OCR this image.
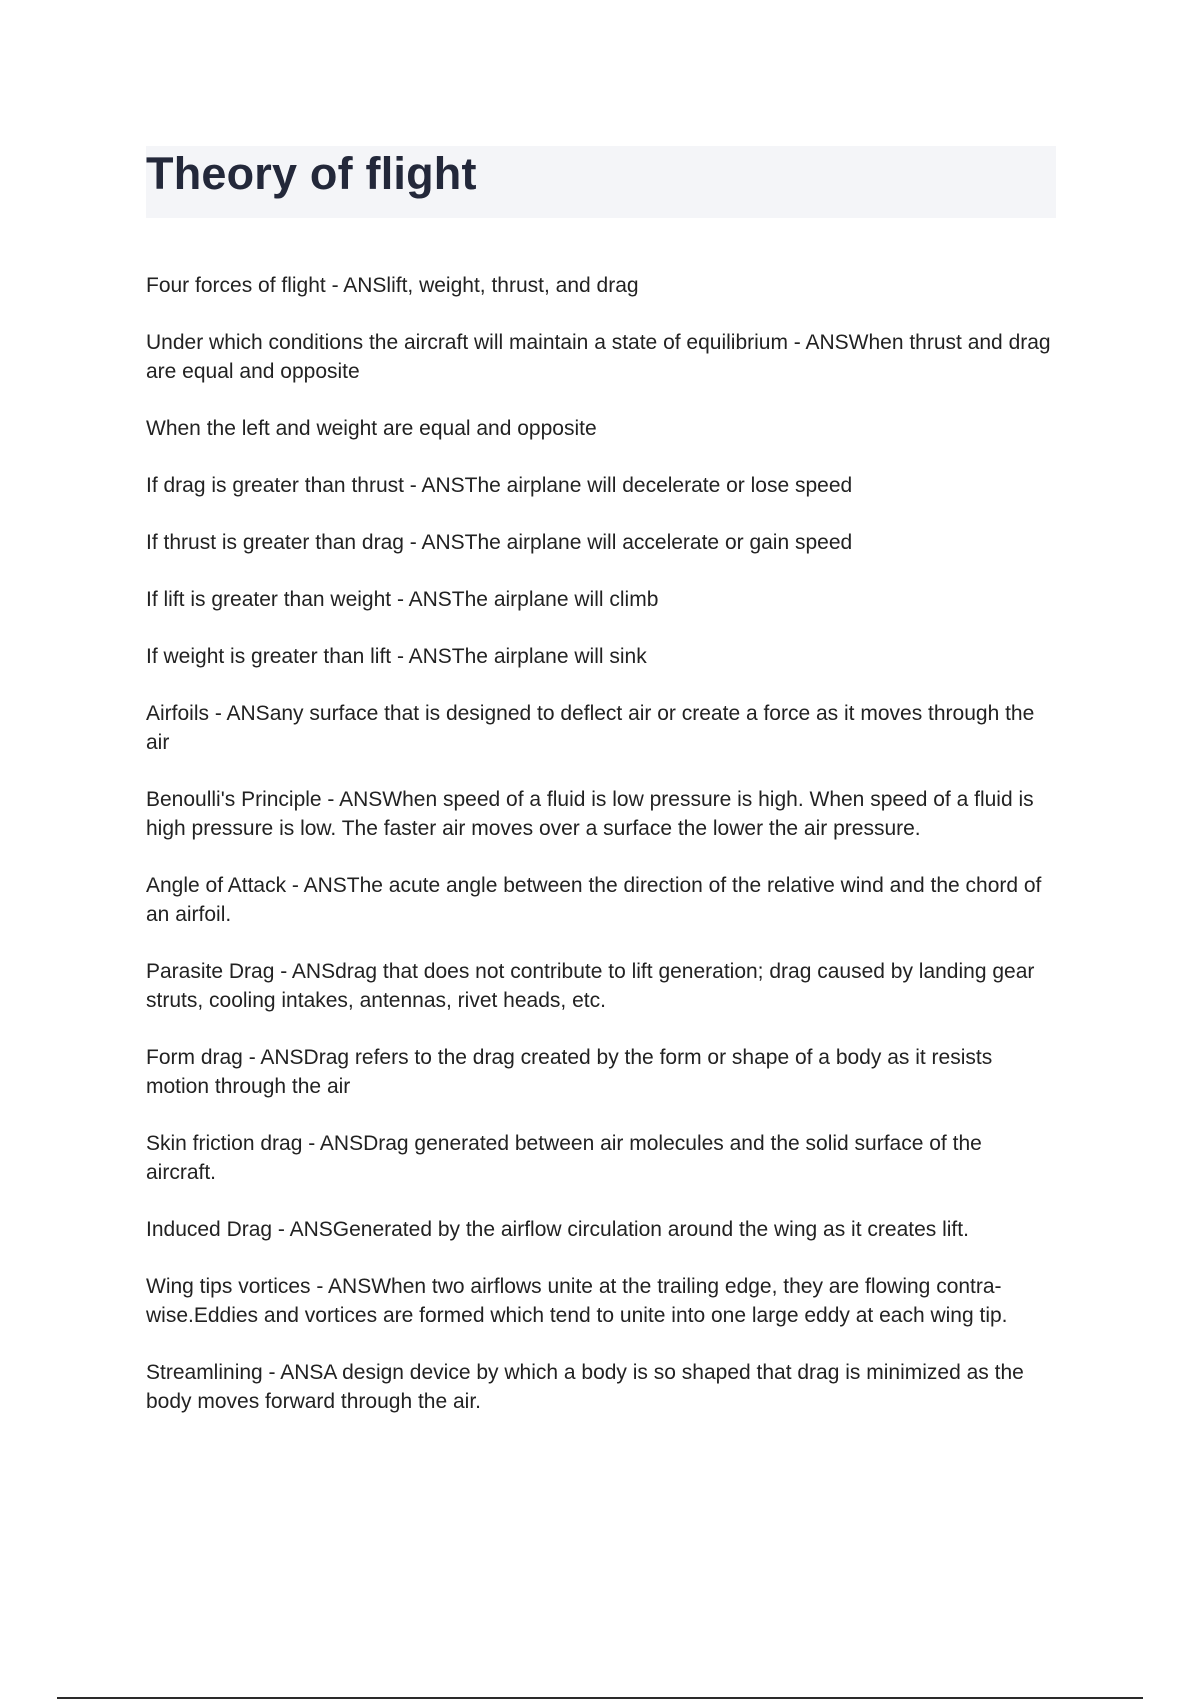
Theory of flight

Four forces of flight - ANSlift, weight, thrust, and drag

Under which conditions the aircraft will maintain a state of equilibrium - ANSWhen thrust and drag are equal and opposite

When the left and weight are equal and opposite

If drag is greater than thrust - ANSThe airplane will decelerate or lose speed

If thrust is greater than drag - ANSThe airplane will accelerate or gain speed

If lift is greater than weight - ANSThe airplane will climb

If weight is greater than lift - ANSThe airplane will sink

Airfoils - ANSany surface that is designed to deflect air or create a force as it moves through the air

Benoulli's Principle - ANSWhen speed of a fluid is low pressure is high. When speed of a fluid is high pressure is low. The faster air moves over a surface the lower the air pressure.

Angle of Attack - ANSThe acute angle between the direction of the relative wind and the chord of an airfoil.

Parasite Drag - ANSdrag that does not contribute to lift generation; drag caused by landing gear struts, cooling intakes, antennas, rivet heads, etc.

Form drag - ANSDrag refers to the drag created by the form or shape of a body as it resists motion through the air

Skin friction drag - ANSDrag generated between air molecules and the solid surface of the aircraft.

Induced Drag - ANSGenerated by the airflow circulation around the wing as it creates lift.

Wing tips vortices - ANSWhen two airflows unite at the trailing edge, they are flowing contra-wise.Eddies and vortices are formed which tend to unite into one large eddy at each wing tip.

Streamlining - ANSA design device by which a body is so shaped that drag is minimized as the body moves forward through the air.
